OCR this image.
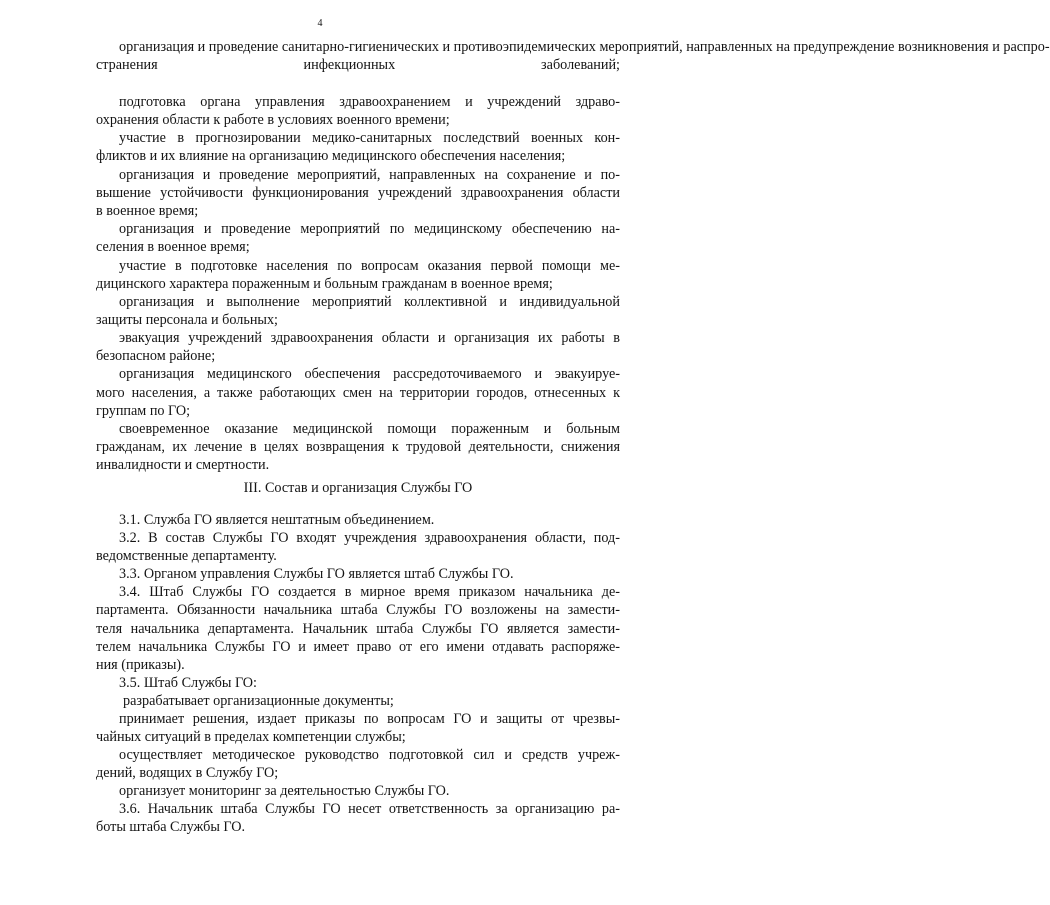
4

организация и проведение санитарно-гигиенических и противоэпидемических мероприятий, направленных на предупреждение возникновения и распро-

странения инфекционных заболеваний;

подготовка органа управления здравоохранением и учреждений здраво-

охранения области к работе в условиях военного времени;

участие в прогнозировании медико-санитарных последствий военных кон-

фликтов и их влияние на организацию медицинского обеспечения населения;

организация и проведение мероприятий, направленных на сохранение и по-

вышение устойчивости функционирования учреждений здравоохранения области

в военное время;

организация и проведение мероприятий по медицинскому обеспечению на-

селения в военное время;

участие в подготовке населения по вопросам оказания первой помощи ме-

дицинского характера пораженным и больным гражданам в военное время;

организация и выполнение мероприятий коллективной и индивидуальной

защиты персонала и больных;

эвакуация учреждений здравоохранения области и организация их работы в

безопасном районе;

организация медицинского обеспечения рассредоточиваемого и эвакуируе-

мого населения, а также работающих смен на территории городов, отнесенных к

группам по ГО;

своевременное оказание медицинской помощи пораженным и больным

гражданам, их лечение в целях возвращения к трудовой деятельности, снижения

инвалидности и смертности.

III. Состав и организация Службы ГО

3.1. Служба ГО является нештатным объединением.

3.2. В состав Службы ГО входят учреждения здравоохранения области, под-

ведомственные департаменту.

3.3. Органом управления Службы ГО является штаб Службы ГО.

3.4. Штаб Службы ГО создается в мирное время приказом начальника де-

партамента. Обязанности начальника штаба Службы ГО возложены на замести-

теля начальника департамента. Начальник штаба Службы ГО является замести-

телем начальника Службы ГО и имеет право от его имени отдавать распоряже-

ния (приказы).

3.5. Штаб Службы ГО:

разрабатывает организационные документы;

принимает решения, издает приказы по вопросам ГО и защиты от чрезвы-

чайных ситуаций в пределах компетенции службы;

осуществляет методическое руководство подготовкой сил и средств учреж-

дений, водящих в Службу ГО;

организует мониторинг за деятельностью Службы ГО.

3.6. Начальник штаба Службы ГО несет ответственность за организацию ра-

боты штаба Службы ГО.
